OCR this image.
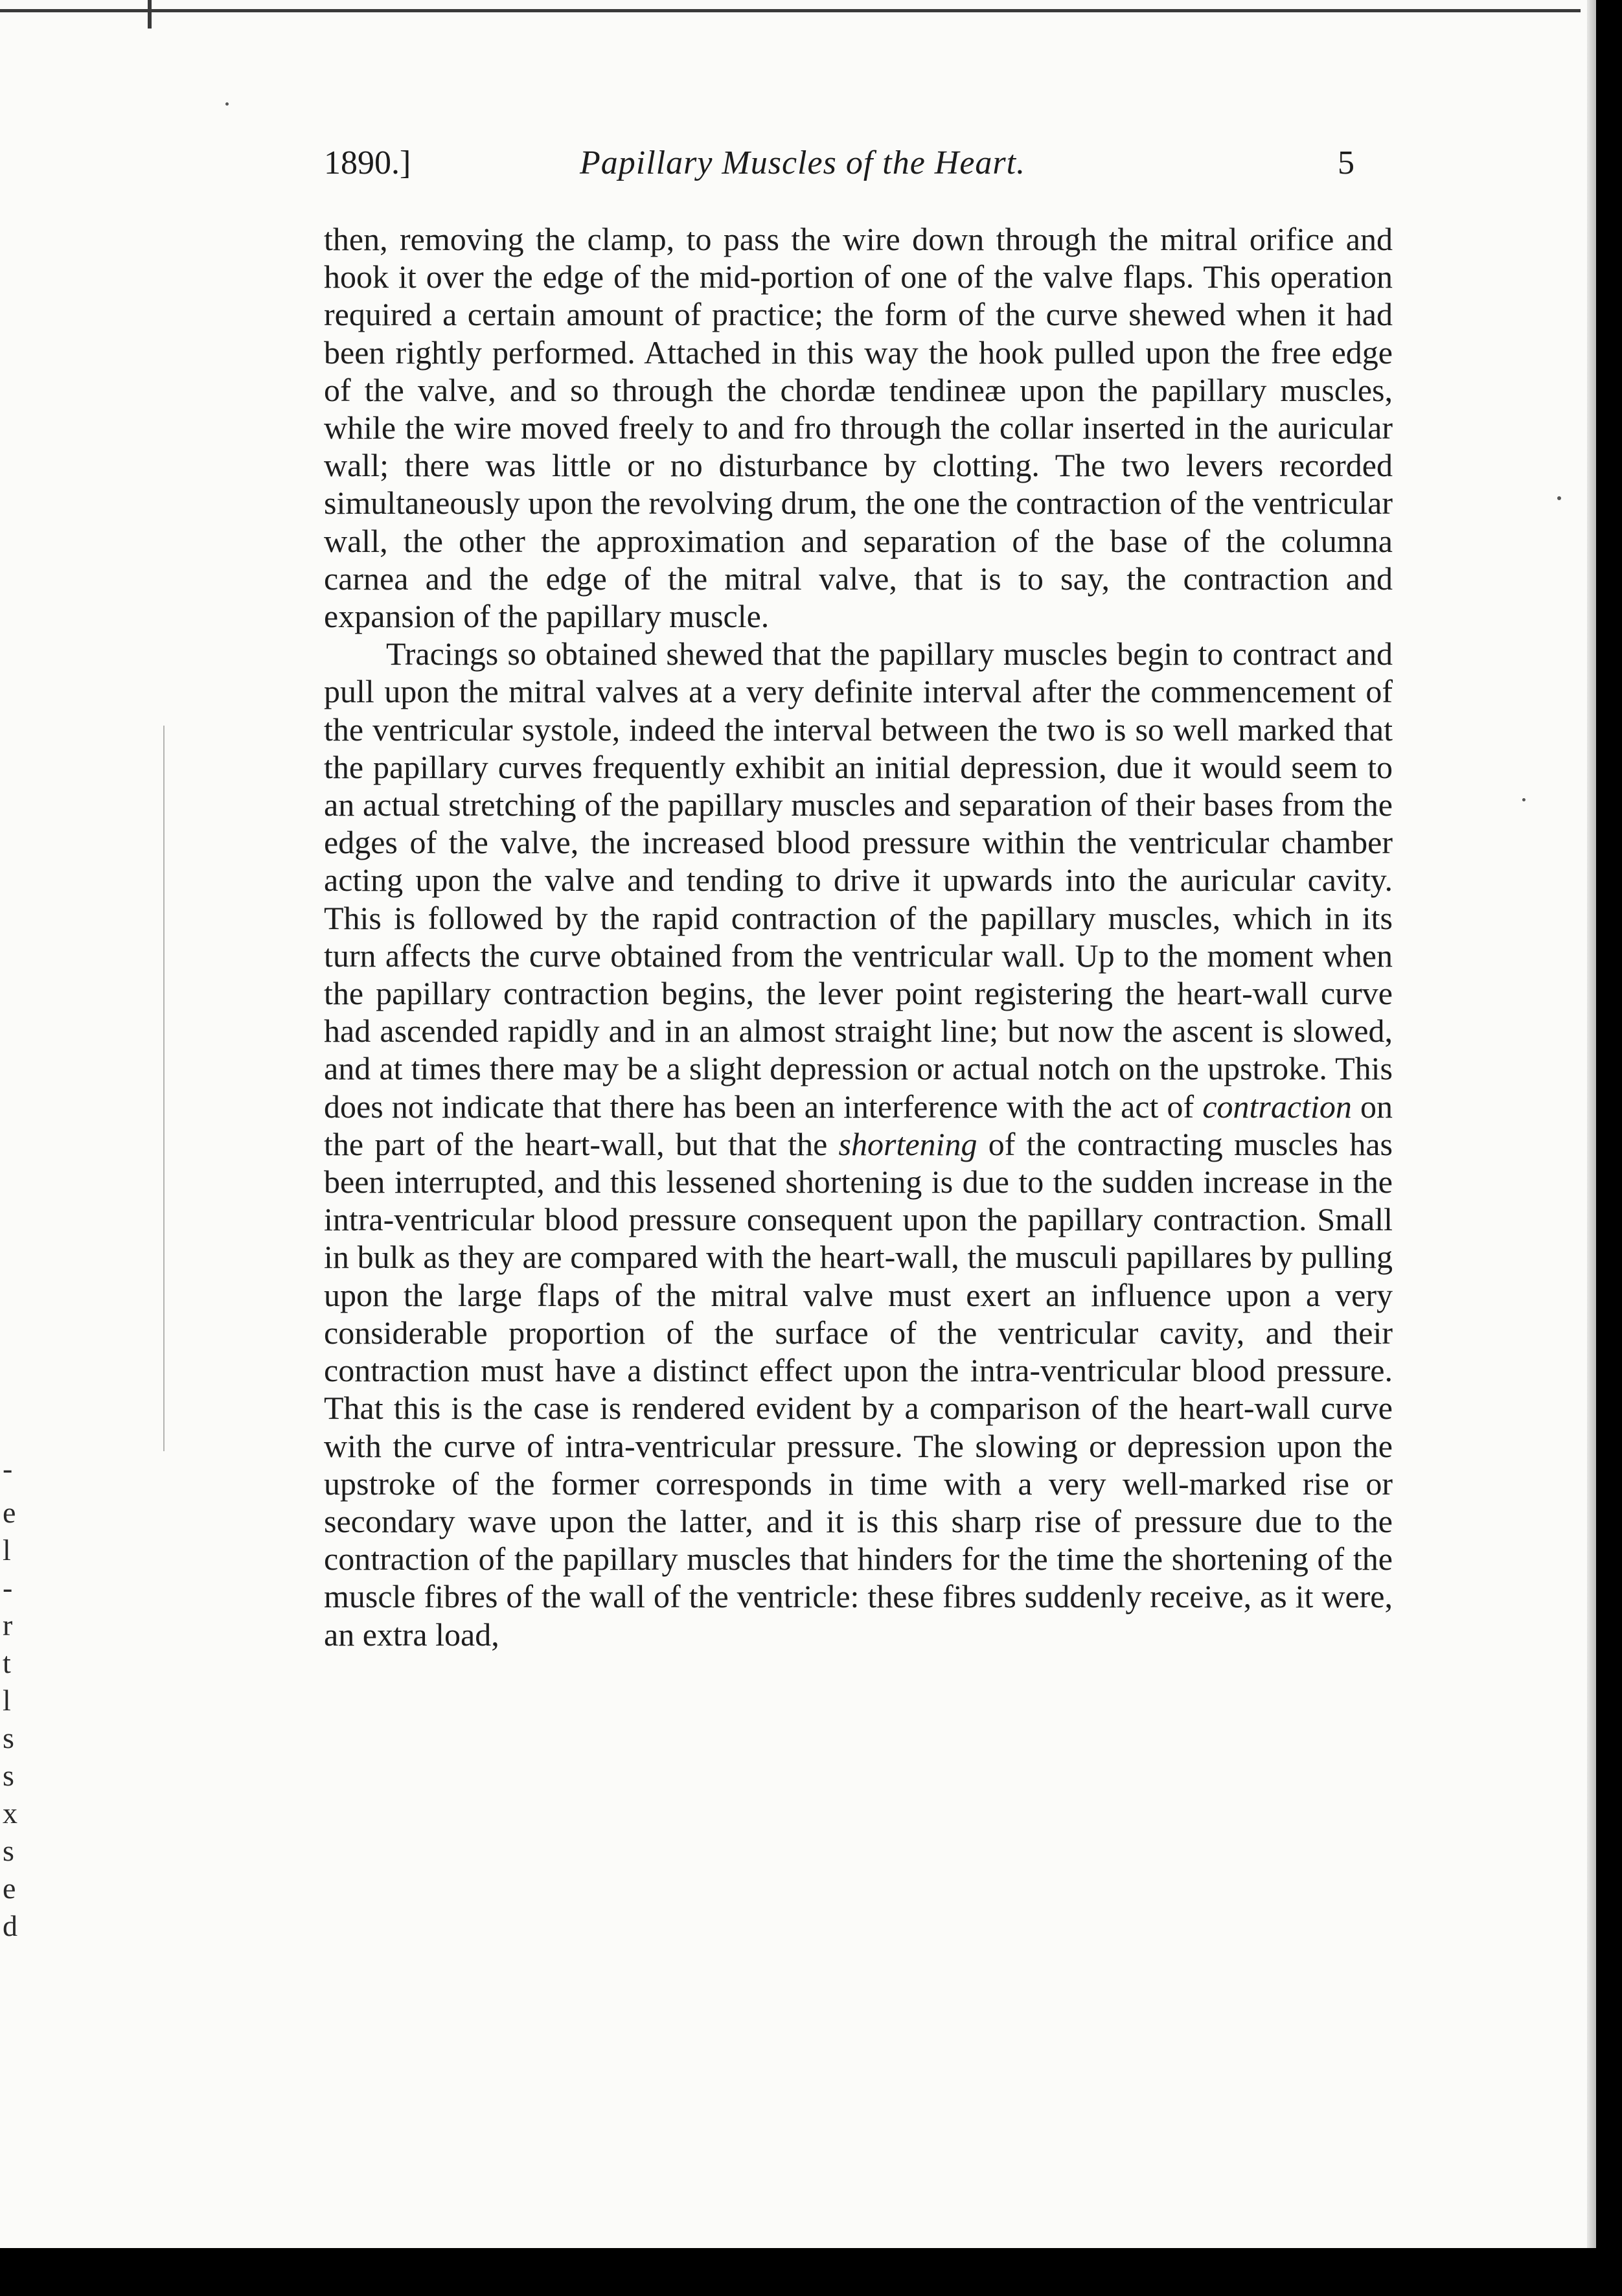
1890.]	Papillary Muscles of the Heart.	5

then, removing the clamp, to pass the wire down through the mitral orifice and hook it over the edge of the mid-portion of one of the valve flaps. This operation required a certain amount of practice; the form of the curve shewed when it had been rightly performed. Attached in this way the hook pulled upon the free edge of the valve, and so through the chordæ tendineæ upon the papillary muscles, while the wire moved freely to and fro through the collar inserted in the auricular wall; there was little or no disturbance by clotting. The two levers recorded simultaneously upon the revolving drum, the one the contraction of the ventricular wall, the other the approximation and separation of the base of the columna carnea and the edge of the mitral valve, that is to say, the contraction and expansion of the papillary muscle.

Tracings so obtained shewed that the papillary muscles begin to contract and pull upon the mitral valves at a very definite interval after the commencement of the ventricular systole, indeed the interval between the two is so well marked that the papillary curves frequently exhibit an initial depression, due it would seem to an actual stretching of the papillary muscles and separation of their bases from the edges of the valve, the increased blood pressure within the ventricular chamber acting upon the valve and tending to drive it upwards into the auricular cavity. This is followed by the rapid contraction of the papillary muscles, which in its turn affects the curve obtained from the ventricular wall. Up to the moment when the papillary contraction begins, the lever point registering the heart-wall curve had ascended rapidly and in an almost straight line; but now the ascent is slowed, and at times there may be a slight depression or actual notch on the upstroke. This does not indicate that there has been an interference with the act of contraction on the part of the heart-wall, but that the shortening of the contracting muscles has been interrupted, and this lessened shortening is due to the sudden increase in the intra-ventricular blood pressure consequent upon the papillary contraction. Small in bulk as they are compared with the heart-wall, the musculi papillares by pulling upon the large flaps of the mitral valve must exert an influence upon a very considerable proportion of the surface of the ventricular cavity, and their contraction must have a distinct effect upon the intra-ventricular blood pressure. That this is the case is rendered evident by a comparison of the heart-wall curve with the curve of intra-ventricular pressure. The slowing or depression upon the upstroke of the former corresponds in time with a very well-marked rise or secondary wave upon the latter, and it is this sharp rise of pressure due to the contraction of the papillary muscles that hinders for the time the shortening of the muscle fibres of the wall of the ventricle: these fibres suddenly receive, as it were, an extra load,

-
e
l
-
r
t
l
s
s
x
s
e
d
